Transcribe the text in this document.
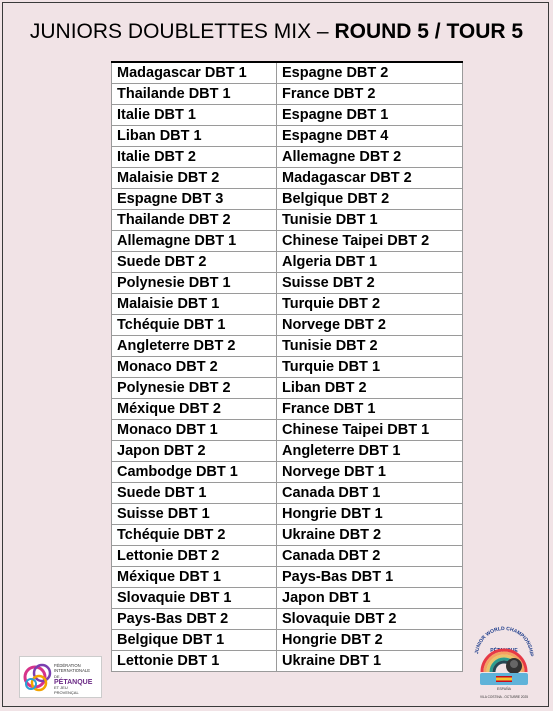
JUNIORS DOUBLETTES MIX – ROUND 5 / TOUR 5
Madagascar DBT 1	Espagne DBT 2
Thailande DBT 1	France DBT 2
Italie DBT 1	Espagne DBT 1
Liban DBT 1	Espagne DBT 4
Italie DBT 2	Allemagne DBT 2
Malaisie DBT 2	Madagascar DBT 2
Espagne DBT 3	Belgique DBT 2
Thailande DBT 2	Tunisie DBT 1
Allemagne DBT 1	Chinese Taipei DBT 2
Suede DBT 2	Algeria DBT 1
Polynesie DBT 1	Suisse DBT 2
Malaisie DBT 1	Turquie DBT 2
Tchéquie DBT 1	Norvege DBT 2
Angleterre DBT 2	Tunisie DBT 2
Monaco DBT 2	Turquie DBT 1
Polynesie DBT 2	Liban DBT 2
Méxique DBT 2	France DBT 1
Monaco DBT 1	Chinese Taipei DBT 1
Japon DBT 2	Angleterre DBT 1
Cambodge DBT 1	Norvege DBT 1
Suede DBT 1	Canada DBT 1
Suisse DBT 1	Hongrie DBT 1
Tchéquie DBT 2	Ukraine DBT 2
Lettonie DBT 2	Canada DBT 2
Méxique DBT 1	Pays-Bas DBT 1
Slovaquie DBT 1	Japon DBT 1
Pays-Bas DBT 2	Slovaquie DBT 2
Belgique DBT 1	Hongrie DBT 2
Lettonie DBT 1	Ukraine DBT 1
FÉDÉRATION
INTERNATIONALE
DE
PÉTANQUE
ET JEU
PROVENÇAL
JUNIOR WORLD CHAMPIONSHIP
PÉTANQUE
ESPAÑA
VILA COSTINA - OCTUBRE 2025
